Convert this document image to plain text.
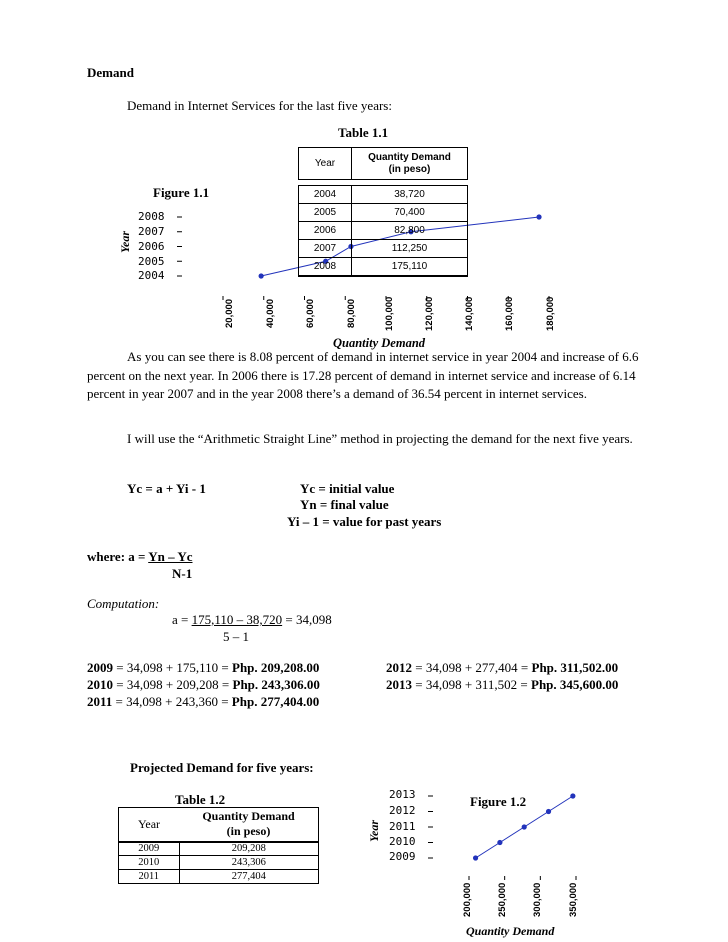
Demand
Demand in Internet Services for the last five years:
Table 1.1
Figure 1.1
2008
2007
2006
2005
2004
Year
20,000	40,000	60,000	80,000	100,000	120,000	140,000	160,000	180,000
Quantity Demand
Year	Quantity Demand
(in peso)

2004	38,720
2005	70,400
2006	82,800
2007	112,250
2008	175,110
As you can see there is 8.08 percent of demand in internet service in year 2004 and increase of 6.6 percent on the next year. In 2006 there is 17.28 percent of demand in internet service and increase of 6.14 percent in year 2007 and in the year 2008 there’s a demand of 36.54 percent in internet services.
I will use the “Arithmetic Straight Line” method in projecting the demand for the next five years.
Yc = a + Yi - 1	Yc = initial value
Yn = final value
Yi – 1 = value for past years
where: a = Yn – Yc
N-1
Computation:
a = 175,110 – 38,720 = 34,098
5 – 1
2009 = 34,098 + 175,110 = Php. 209,208.00
2010 = 34,098 + 209,208 = Php. 243,306.00
2011 = 34,098 + 243,360 = Php. 277,404.00
2012 = 34,098 + 277,404 = Php. 311,502.00
2013 = 34,098 + 311,502 = Php. 345,600.00
Projected Demand for five years:
Table 1.2
Year	Quantity Demand
(in peso)
2009	209,208
2010	243,306
2011	277,404
Figure 1.2
2013
2012
2011
2010
2009
Year
200,000	250,000	300,000	350,000
Quantity Demand
